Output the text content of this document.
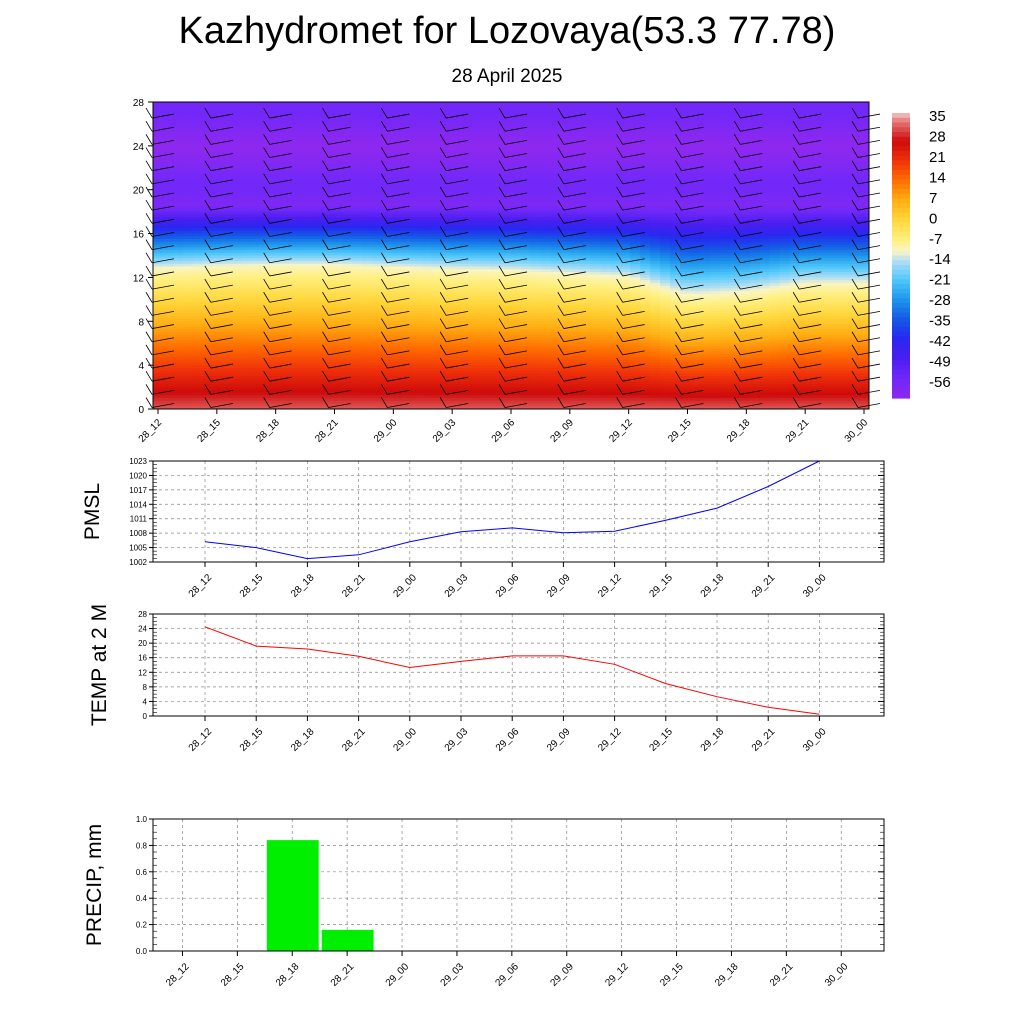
Kazhydromet for Lozovaya(53.3 77.78)
28 April 2025
0
4
8
12
16
20
24
28
28_12	28_15	28_18	28_21	29_00	29_03	29_06	29_09	29_12	29_15	29_18	29_21	30_00
35
28
21
14
7
0
-7
-14
-21
-28
-35
-42
-49
-56
1002
1005
1008
1011
1014
1017
1020
1023
28_12 28_15 28_18 28_21 29_00 29_03 29_06 29_09 29_12 29_15 29_18 29_21 30_00
PMSL
0
4
8
12
16
20
24
28
28_12 28_15 28_18 28_21 29_00 29_03 29_06 29_09 29_12 29_15 29_18 29_21 30_00
TEMP at 2 M
0.0
0.2
0.4
0.6
0.8
1.0
28_12	28_15	28_18	28_21	29_00	29_03	29_06	29_09	29_12	29_15	29_18	29_21	30_00
PRECIP, mm
